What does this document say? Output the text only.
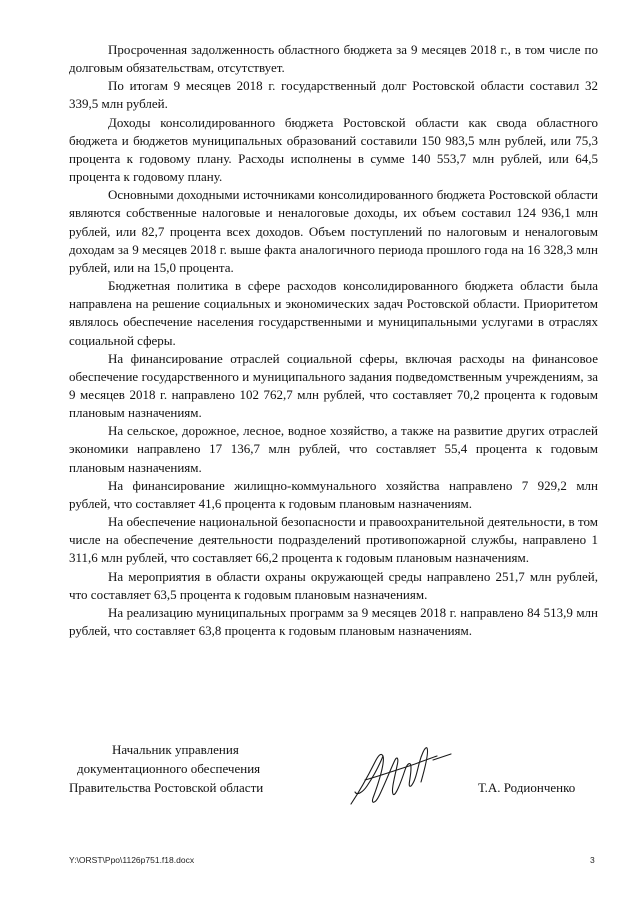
Просроченная задолженность областного бюджета за 9 месяцев 2018 г., в том числе по долговым обязательствам, отсутствует.

По итогам 9 месяцев 2018 г. государственный долг Ростовской области составил 32 339,5 млн рублей.

Доходы консолидированного бюджета Ростовской области как свода областного бюджета и бюджетов муниципальных образований составили 150 983,5 млн рублей, или 75,3 процента к годовому плану. Расходы исполнены в сумме 140 553,7 млн рублей, или 64,5 процента к годовому плану.

Основными доходными источниками консолидированного бюджета Ростовской области являются собственные налоговые и неналоговые доходы, их объем составил 124 936,1 млн рублей, или 82,7 процента всех доходов. Объем поступлений по налоговым и неналоговым доходам за 9 месяцев 2018 г. выше факта аналогичного периода прошлого года на 16 328,3 млн рублей, или на 15,0 процента.

Бюджетная политика в сфере расходов консолидированного бюджета области была направлена на решение социальных и экономических задач Ростовской области. Приоритетом являлось обеспечение населения государственными и муниципальными услугами в отраслях социальной сферы.

На финансирование отраслей социальной сферы, включая расходы на финансовое обеспечение государственного и муниципального задания подведомственным учреждениям, за 9 месяцев 2018 г. направлено 102 762,7 млн рублей, что составляет 70,2 процента к годовым плановым назначениям.

На сельское, дорожное, лесное, водное хозяйство, а также на развитие других отраслей экономики направлено 17 136,7 млн рублей, что составляет 55,4 процента к годовым плановым назначениям.

На финансирование жилищно-коммунального хозяйства направлено 7 929,2 млн рублей, что составляет 41,6 процента к годовым плановым назначениям.

На обеспечение национальной безопасности и правоохранительной деятельности, в том числе на обеспечение деятельности подразделений противопожарной службы, направлено 1 311,6 млн рублей, что составляет 66,2 процента к годовым плановым назначениям.

На мероприятия в области охраны окружающей среды направлено 251,7 млн рублей, что составляет 63,5 процента к годовым плановым назначениям.

На реализацию муниципальных программ за 9 месяцев 2018 г. направлено 84 513,9 млн рублей, что составляет 63,8 процента к годовым плановым назначениям.

Начальник управления
документационного обеспечения
Правительства Ростовской области	Т.А. Родионченко
Y:\ORST\Ppo\1126p751.f18.docx	3
